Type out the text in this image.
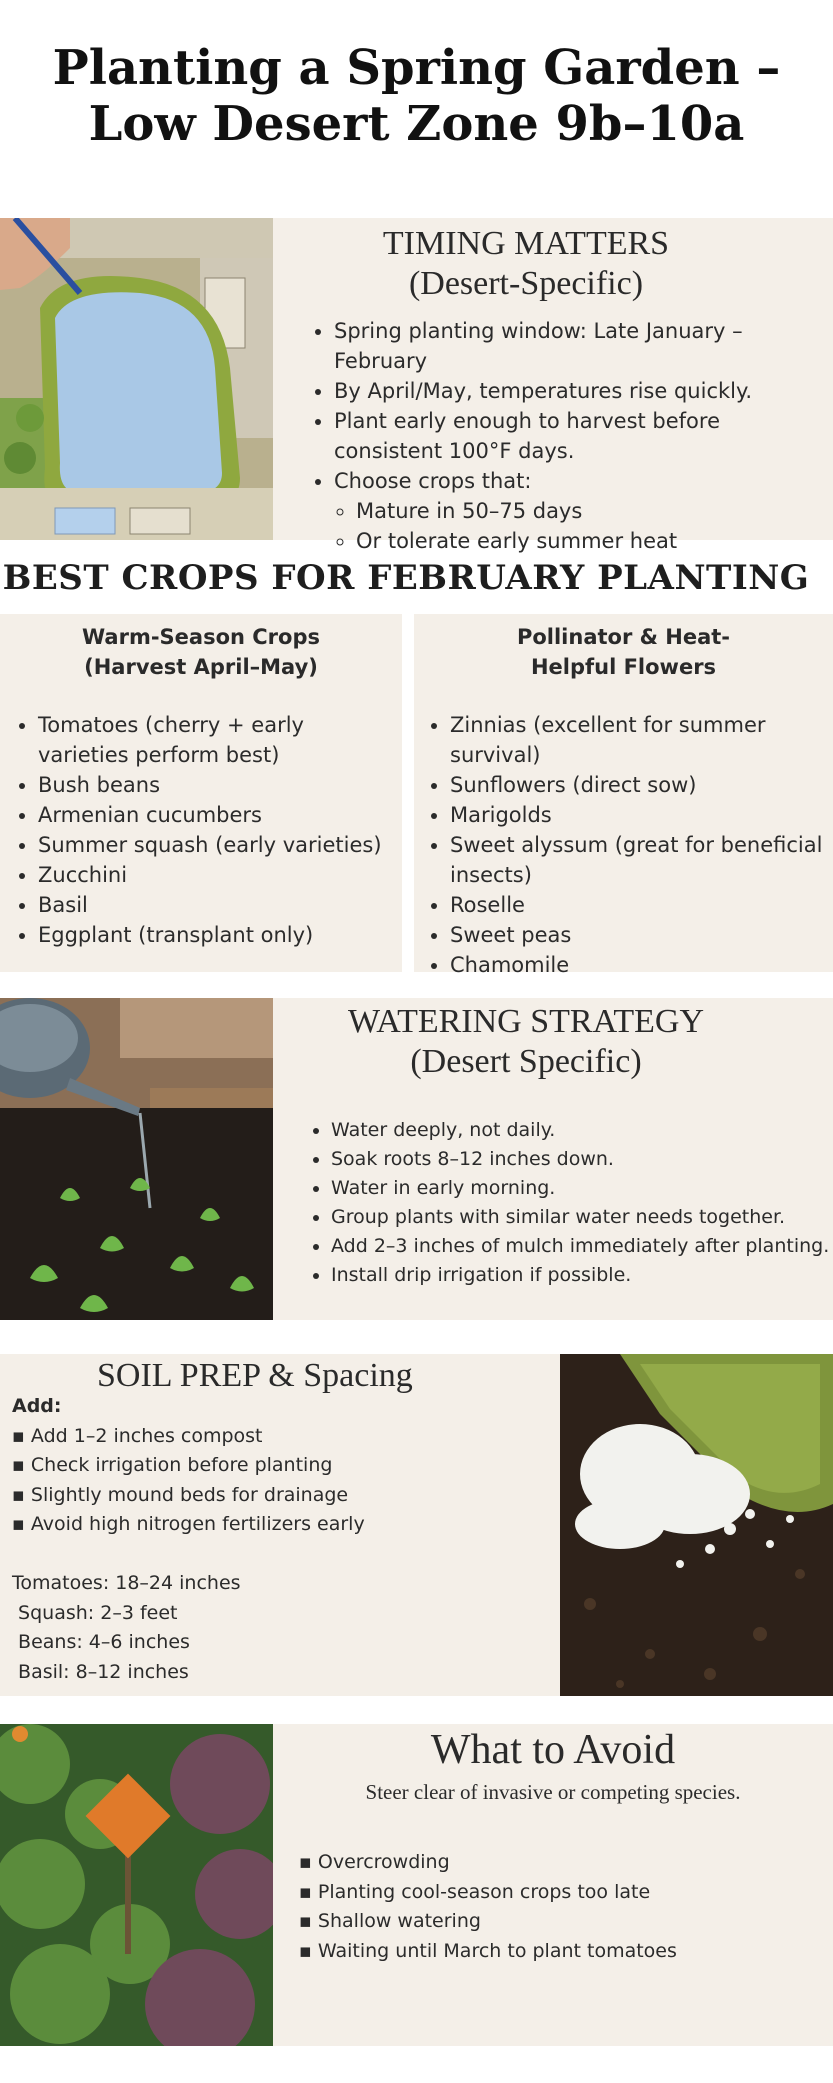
Planting a Spring Garden –
Low Desert Zone 9b–10a
TIMING MATTERS
(Desert-Specific)
• Spring planting window: Late January – February
• By April/May, temperatures rise quickly.
• Plant early enough to harvest before consistent 100°F days.
• Choose crops that:
◦ Mature in 50–75 days
◦ Or tolerate early summer heat
BEST CROPS FOR FEBRUARY PLANTING
Warm-Season Crops
(Harvest April–May)
• Tomatoes (cherry + early varieties perform best)
• Bush beans
• Armenian cucumbers
• Summer squash (early varieties)
• Zucchini
• Basil
• Eggplant (transplant only)
Pollinator & Heat-
Helpful Flowers
• Zinnias (excellent for summer survival)
• Sunflowers (direct sow)
• Marigolds
• Sweet alyssum (great for beneficial insects)
• Roselle
• Sweet peas
• Chamomile
WATERING STRATEGY
(Desert Specific)
• Water deeply, not daily.
• Soak roots 8–12 inches down.
• Water in early morning.
• Group plants with similar water needs together.
• Add 2–3 inches of mulch immediately after planting.
• Install drip irrigation if possible.
SOIL PREP & Spacing
Add:
▪ Add 1–2 inches compost
▪ Check irrigation before planting
▪ Slightly mound beds for drainage
▪ Avoid high nitrogen fertilizers early
Tomatoes: 18–24 inches
Squash: 2–3 feet
Beans: 4–6 inches
Basil: 8–12 inches
What to Avoid
Steer clear of invasive or competing species.
▪ Overcrowding
▪ Planting cool-season crops too late
▪ Shallow watering
▪ Waiting until March to plant tomatoes
